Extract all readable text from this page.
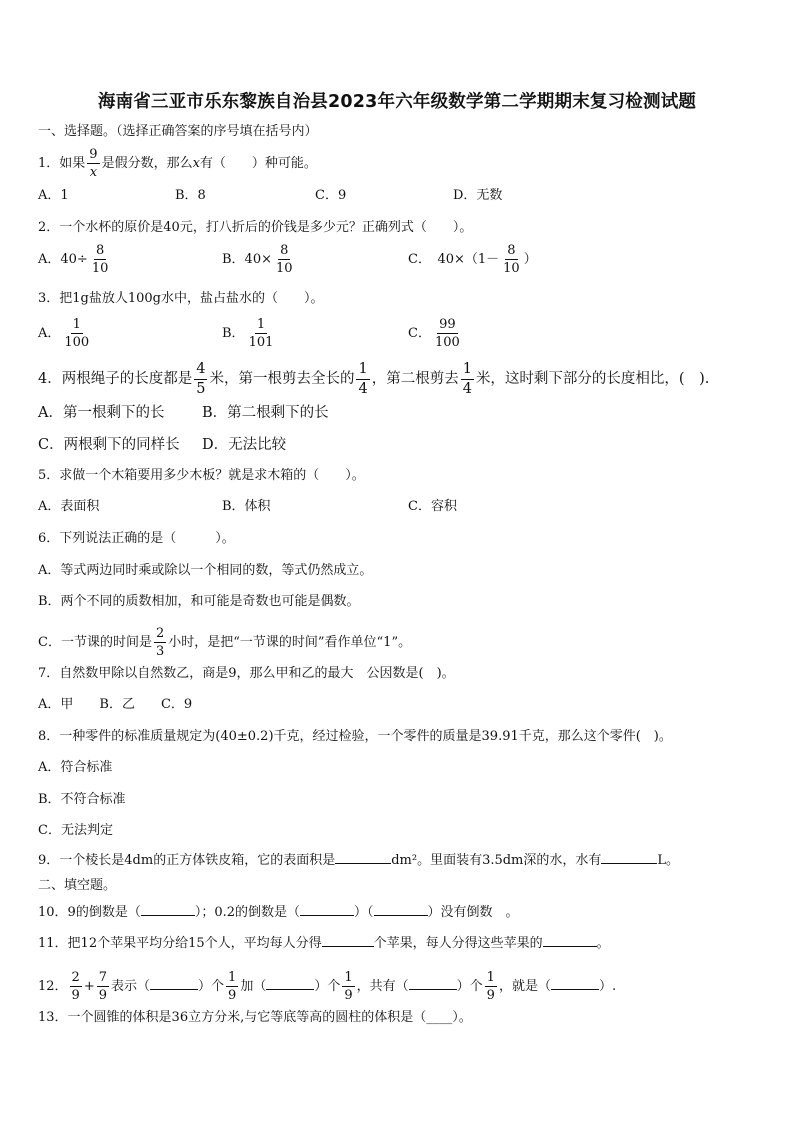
海南省三亚市乐东黎族自治县2023年六年级数学第二学期期末复习检测试题
一、选择题。（选择正确答案的序号填在括号内）
1．如果 $\frac{9}{x}$ 是假分数，那么x有（　　）种可能。
A．1	B．8	C．9	D．无数
2．一个水杯的原价是40元，打八折后的价钱是多少元？正确列式（　　）。
A．$40\div \frac{8}{10}$	B．$40\times \frac{8}{10}$	C．　$40\times(1- \frac{8}{10}$ ）
3．把1g盐放人100g水中，盐占盐水的（　　）。
A． $\frac{1}{100}$	B． $\frac{1}{101}$	C． $\frac{99}{100}$
4．两根绳子的长度都是 $\frac{4}{5}$ 米，第一根剪去全长的 $\frac{1}{4}$ ，第二根剪去 $\frac{1}{4}$ 米，这时剩下部分的长度相比，(　).
A．第一根剩下的长	B．第二根剩下的长
C．两根剩下的同样长 D．无法比较
5．求做一个木箱要用多少木板？就是求木箱的（　　）。
A．表面积	B．体积	C．容积
6．下列说法正确的是（　　　）。
A．等式两边同时乘或除以一个相同的数，等式仍然成立。
B．两个不同的质数相加，和可能是奇数也可能是偶数。
C．一节课的时间是 $\frac{2}{3}$ 小时，是把“一节课的时间”看作单位“1”。
7．自然数甲除以自然数乙，商是9，那么甲和乙的最大　公因数是(　)。
A．甲　　B．乙　　C．9
8．一种零件的标准质量规定为(40±0.2)千克，经过检验，一个零件的质量是39.91千克，那么这个零件(　)。
A．符合标准
B．不符合标准
C．无法判定
9．一个棱长是4dm的正方体铁皮箱，它的表面积是	dm²。里面装有3.5dm深的水，水有	L。
二、填空题。
10．9的倒数是（	）；0.2的倒数是（	）（	）没有倒数　。
11．把12个苹果平均分给15个人，平均每人分得	个苹果，每人分得这些苹果的	。
12． $\frac{2}{9} + \frac{7}{9}$ 表示（	）个 $\frac{1}{9}$ 加（	）个 $\frac{1}{9}$ ，共有（	）个 $\frac{1}{9}$ ，就是（	）.
13．一个圆锥的体积是36立方分米,与它等底等高的圆柱的体积是（____）。
